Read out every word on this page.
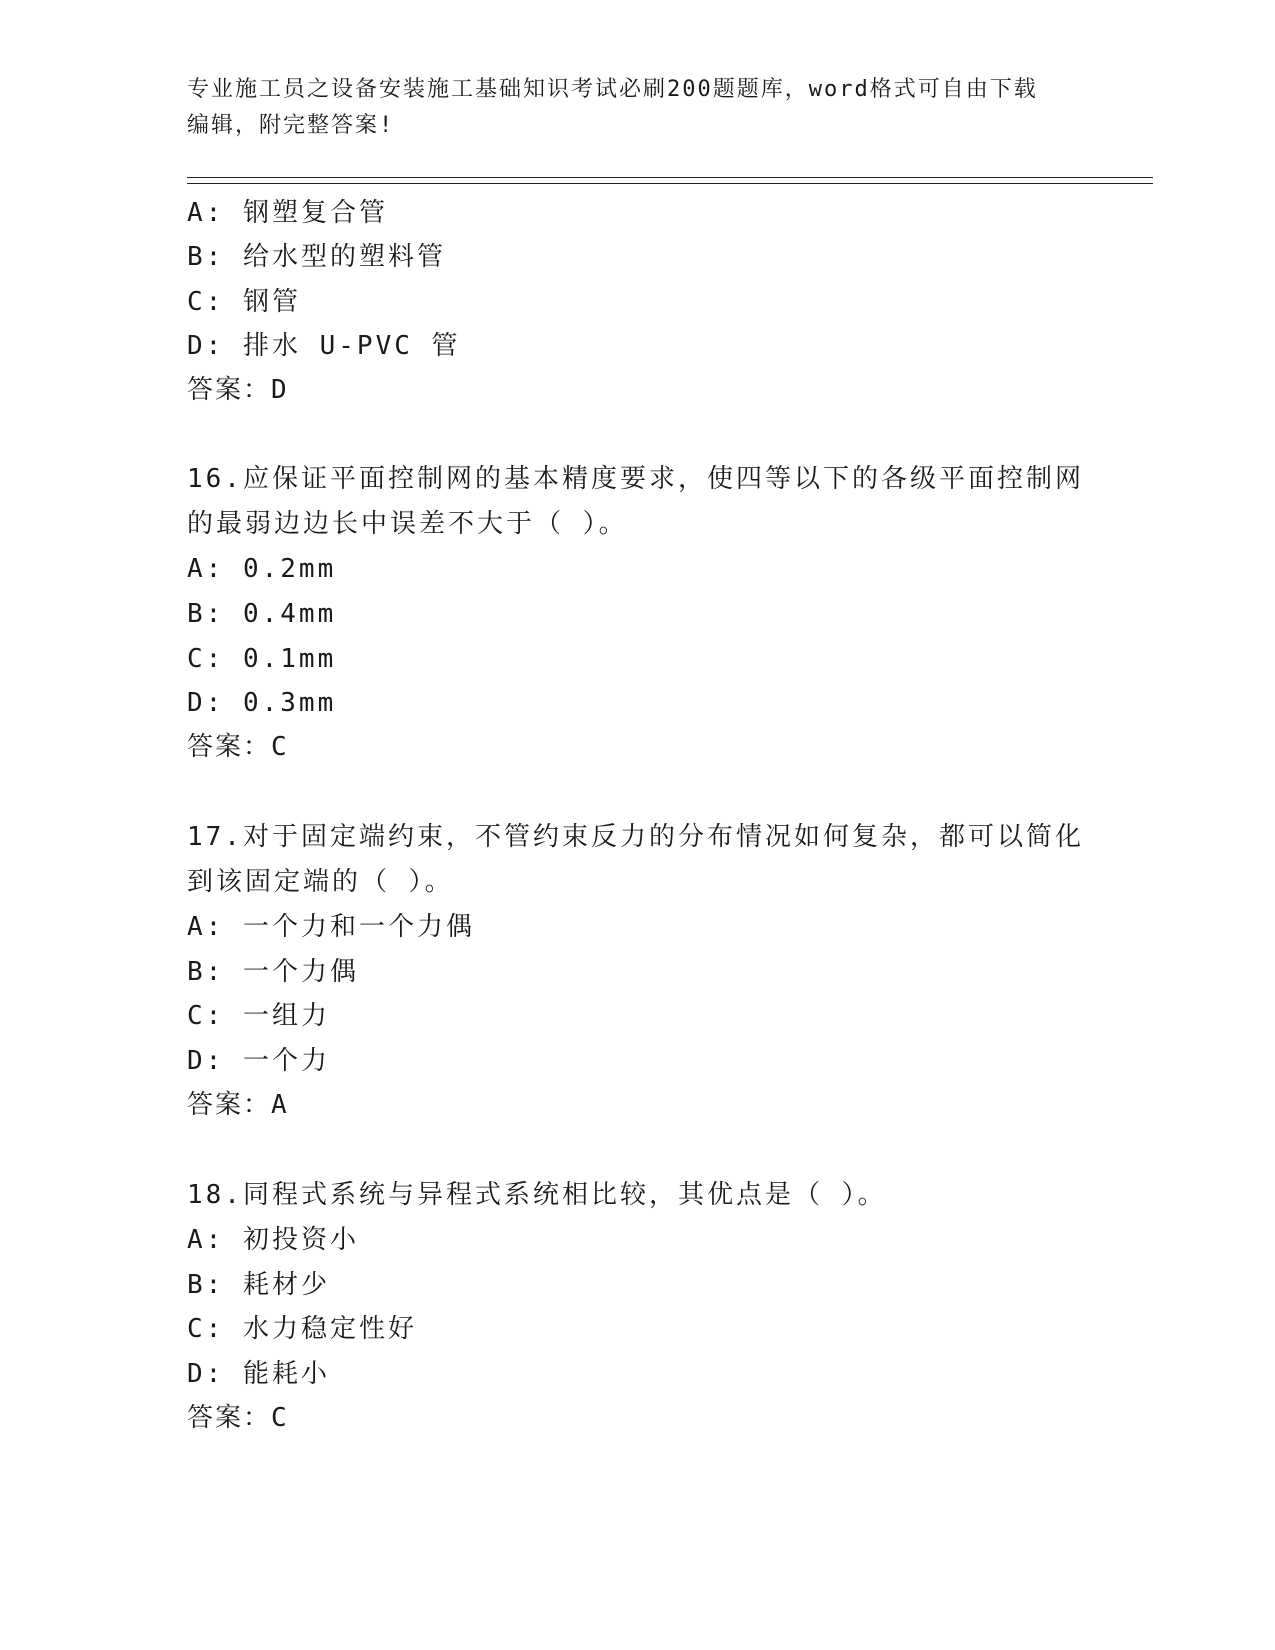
专业施工员之设备安装施工基础知识考试必刷200题题库，word格式可自由下载
编辑，附完整答案!
A: 钢塑复合管
B: 给水型的塑料管
C: 钢管
D: 排水 U-PVC 管
答案：D
16.应保证平面控制网的基本精度要求，使四等以下的各级平面控制网
的最弱边边长中误差不大于（ ）。
A: 0.2mm
B: 0.4mm
C: 0.1mm
D: 0.3mm
答案：C
17.对于固定端约束，不管约束反力的分布情况如何复杂，都可以简化
到该固定端的（ ）。
A: 一个力和一个力偶
B: 一个力偶
C: 一组力
D: 一个力
答案：A
18.同程式系统与异程式系统相比较，其优点是（ ）。
A: 初投资小
B: 耗材少
C: 水力稳定性好
D: 能耗小
答案：C
